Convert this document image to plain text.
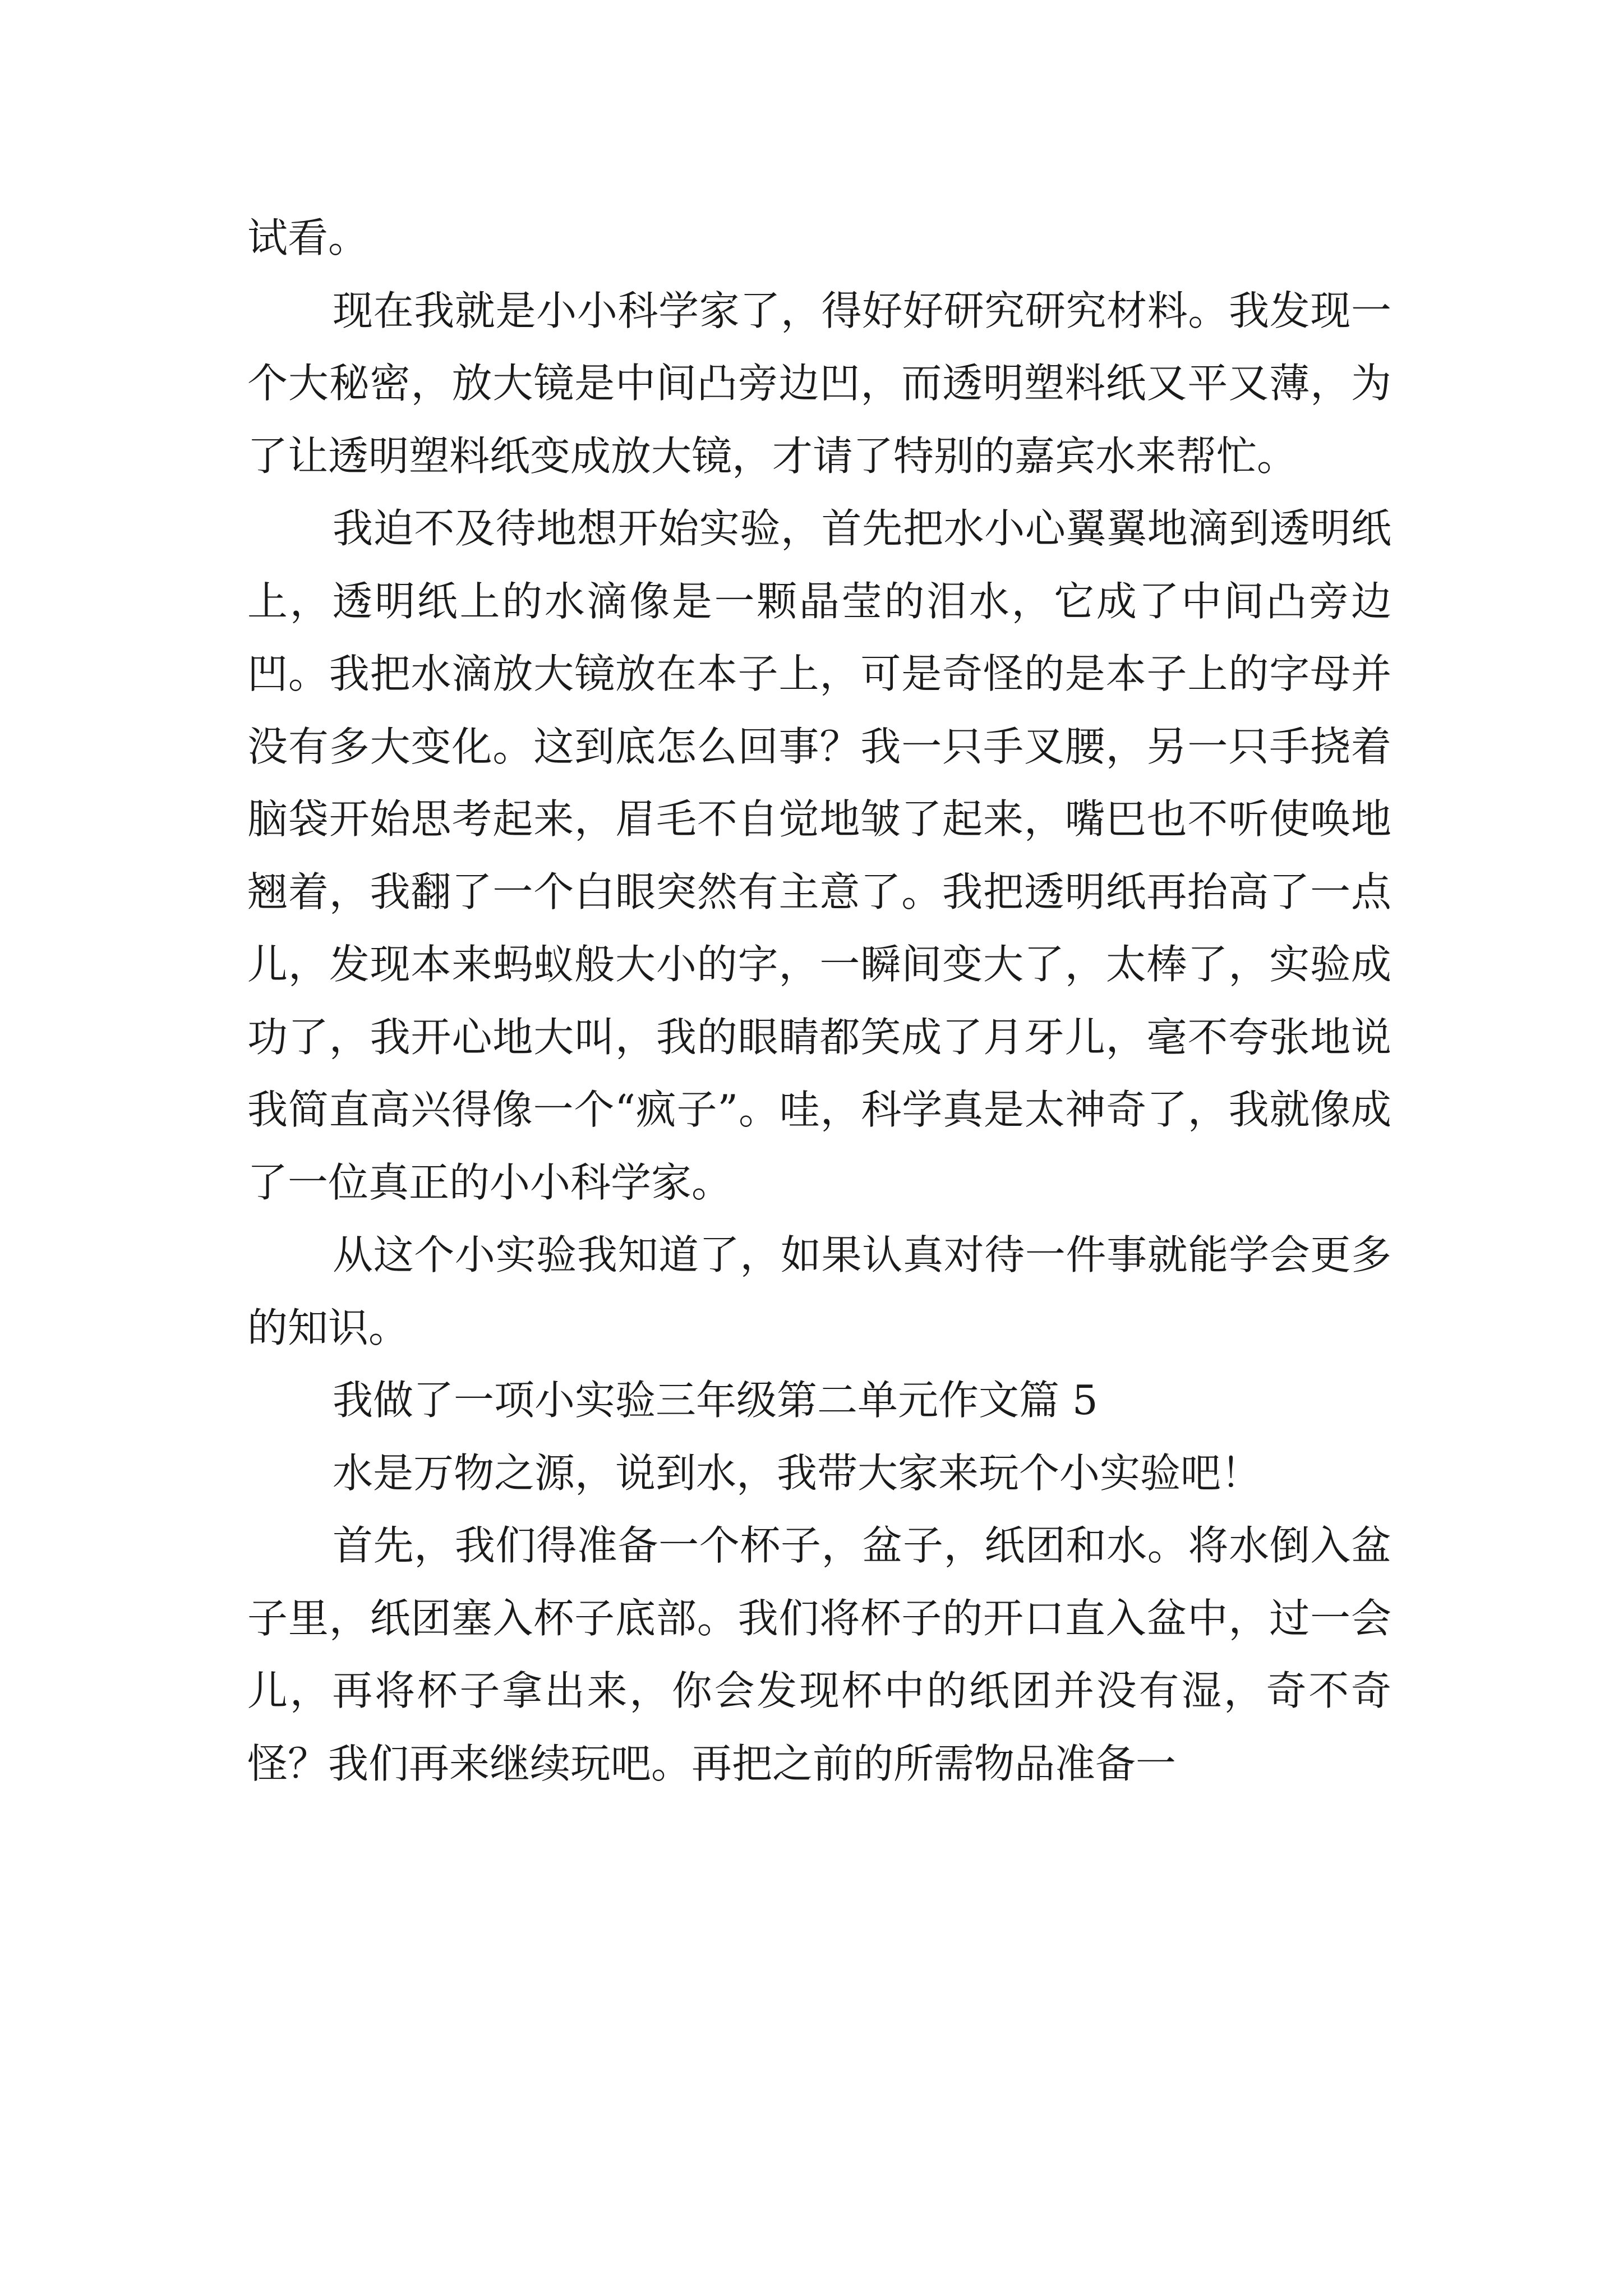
试看。

现在我就是小小科学家了，得好好研究研究材料。我发现一个大秘密，放大镜是中间凸旁边凹，而透明塑料纸又平又薄，为了让透明塑料纸变成放大镜，才请了特别的嘉宾水来帮忙。

我迫不及待地想开始实验，首先把水小心翼翼地滴到透明纸上，透明纸上的水滴像是一颗晶莹的泪水，它成了中间凸旁边凹。我把水滴放大镜放在本子上，可是奇怪的是本子上的字母并没有多大变化。这到底怎么回事？我一只手叉腰，另一只手挠着脑袋开始思考起来，眉毛不自觉地皱了起来，嘴巴也不听使唤地翘着，我翻了一个白眼突然有主意了。我把透明纸再抬高了一点儿，发现本来蚂蚁般大小的字，一瞬间变大了，太棒了，实验成功了，我开心地大叫，我的眼睛都笑成了月牙儿，毫不夸张地说我简直高兴得像一个“疯子”。哇，科学真是太神奇了，我就像成了一位真正的小小科学家。

从这个小实验我知道了，如果认真对待一件事就能学会更多的知识。

我做了一项小实验三年级第二单元作文篇 5

水是万物之源，说到水，我带大家来玩个小实验吧！

首先，我们得准备一个杯子，盆子，纸团和水。将水倒入盆子里，纸团塞入杯子底部。我们将杯子的开口直入盆中，过一会儿，再将杯子拿出来，你会发现杯中的纸团并没有湿，奇不奇怪？我们再来继续玩吧。再把之前的所需物品准备一
